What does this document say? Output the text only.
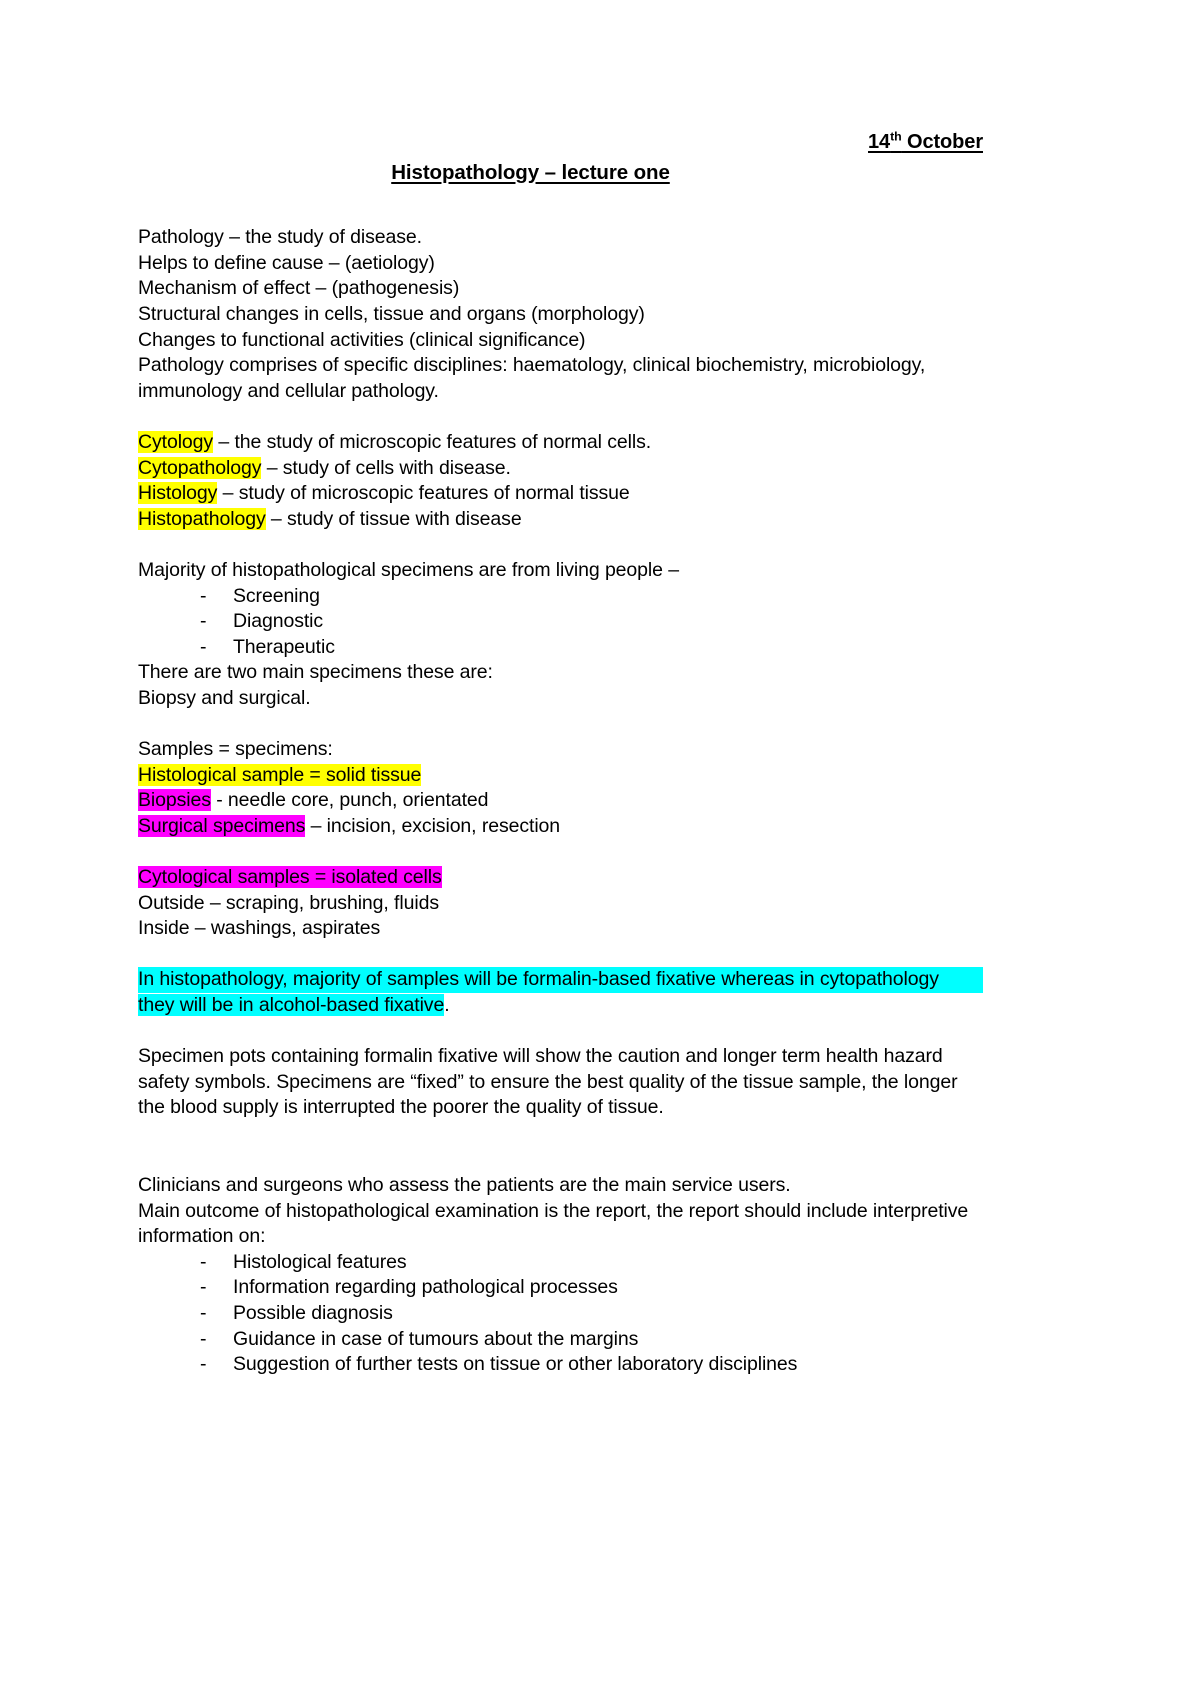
14th October
Histopathology – lecture one

Pathology – the study of disease.

Helps to define cause – (aetiology)

Mechanism of effect – (pathogenesis)

Structural changes in cells, tissue and organs (morphology)

Changes to functional activities (clinical significance)

Pathology comprises of specific disciplines: haematology, clinical biochemistry, microbiology, immunology and cellular pathology.

Cytology – the study of microscopic features of normal cells.

Cytopathology – study of cells with disease.

Histology – study of microscopic features of normal tissue

Histopathology – study of tissue with disease

Majority of histopathological specimens are from living people –

- Screening
- Diagnostic
- Therapeutic

There are two main specimens these are:

Biopsy and surgical.

Samples = specimens:

Histological sample = solid tissue

Biopsies - needle core, punch, orientated

Surgical specimens – incision, excision, resection

Cytological samples = isolated cells

Outside – scraping, brushing, fluids

Inside – washings, aspirates

In histopathology, majority of samples will be formalin-based fixative whereas in cytopathology
they will be in alcohol-based fixative.

Specimen pots containing formalin fixative will show the caution and longer term health hazard safety symbols. Specimens are “fixed” to ensure the best quality of the tissue sample, the longer the blood supply is interrupted the poorer the quality of tissue.

Clinicians and surgeons who assess the patients are the main service users.

Main outcome of histopathological examination is the report, the report should include interpretive information on:

- Histological features
- Information regarding pathological processes
- Possible diagnosis
- Guidance in case of tumours about the margins
- Suggestion of further tests on tissue or other laboratory disciplines
